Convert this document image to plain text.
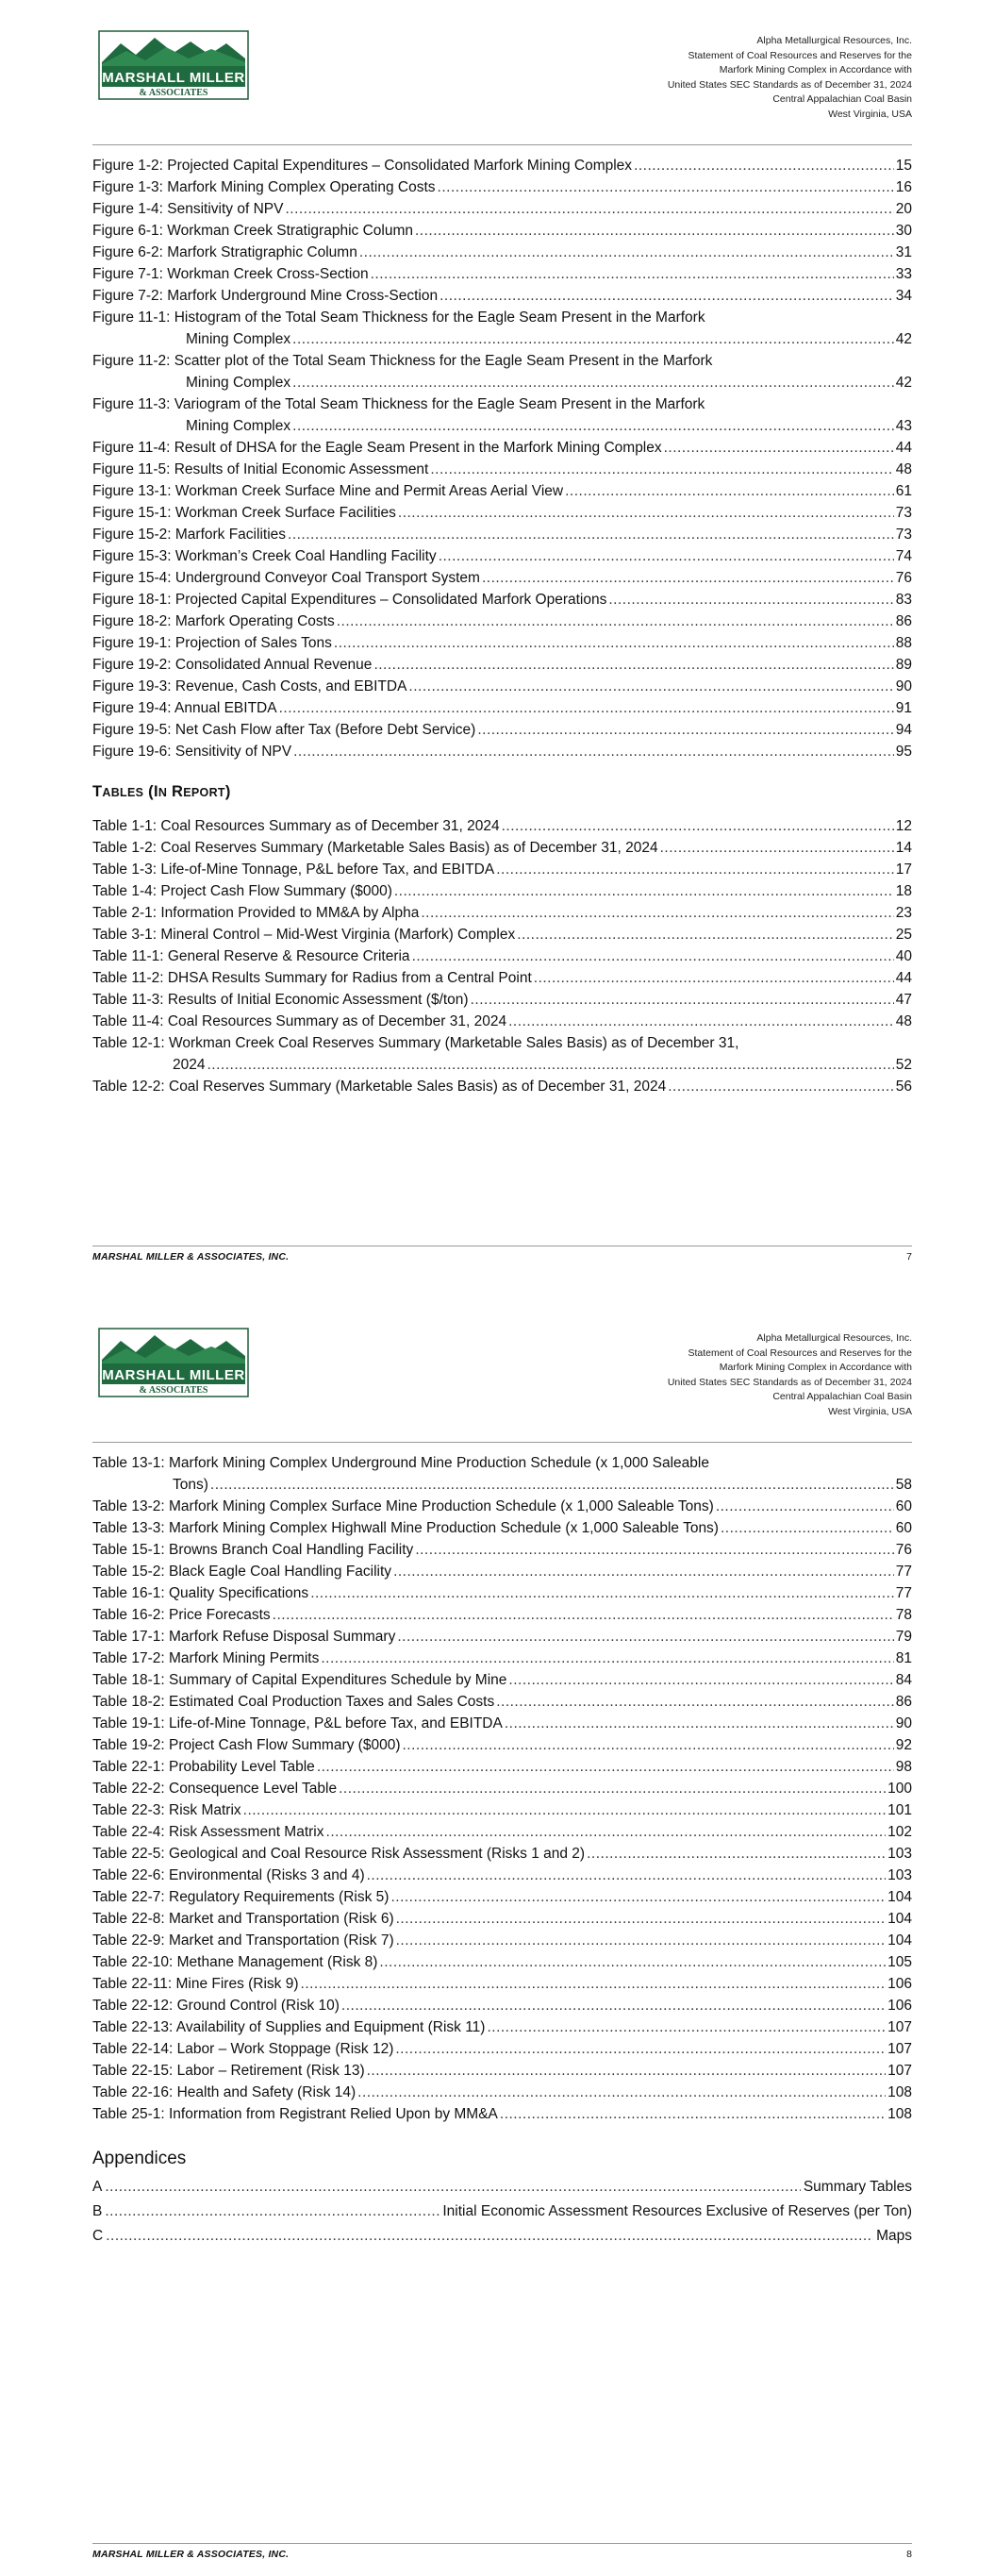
MARSHALL MILLER
& ASSOCIATES
Alpha Metallurgical Resources, Inc.
Statement of Coal Resources and Reserves for the
Marfork Mining Complex in Accordance with
United States SEC Standards as of December 31, 2024
Central Appalachian Coal Basin
West Virginia, USA
Figure 1-2: Projected Capital Expenditures – Consolidated Marfork Mining Complex .....	15
Figure 1-3: Marfork Mining Complex Operating Costs .....	16
Figure 1-4: Sensitivity of NPV .....	20
Figure 6-1: Workman Creek Stratigraphic Column .....	30
Figure 6-2: Marfork Stratigraphic Column .....	31
Figure 7-1: Workman Creek Cross-Section .....	33
Figure 7-2: Marfork Underground Mine Cross-Section .....	34
Figure 11-1: Histogram of the Total Seam Thickness for the Eagle Seam Present in the Marfork
Mining Complex .....	42
Figure 11-2: Scatter plot of the Total Seam Thickness for the Eagle Seam Present in the Marfork
Mining Complex .....	42
Figure 11-3: Variogram of the Total Seam Thickness for the Eagle Seam Present in the Marfork
Mining Complex .....	43
Figure 11-4: Result of DHSA for the Eagle Seam Present in the Marfork Mining Complex .....	44
Figure 11-5: Results of Initial Economic Assessment .....	48
Figure 13-1: Workman Creek Surface Mine and Permit Areas Aerial View .....	61
Figure 15-1: Workman Creek Surface Facilities .....	73
Figure 15-2: Marfork Facilities .....	73
Figure 15-3: Workman’s Creek Coal Handling Facility .....	74
Figure 15-4: Underground Conveyor Coal Transport System .....	76
Figure 18-1: Projected Capital Expenditures – Consolidated Marfork Operations .....	83
Figure 18-2: Marfork Operating Costs .....	86
Figure 19-1: Projection of Sales Tons .....	88
Figure 19-2: Consolidated Annual Revenue .....	89
Figure 19-3: Revenue, Cash Costs, and EBITDA .....	90
Figure 19-4: Annual EBITDA .....	91
Figure 19-5: Net Cash Flow after Tax (Before Debt Service) .....	94
Figure 19-6: Sensitivity of NPV .....	95
TABLES (IN REPORT)
Table 1-1: Coal Resources Summary as of December 31, 2024 .....	12
Table 1-2: Coal Reserves Summary (Marketable Sales Basis) as of December 31, 2024 .....	14
Table 1-3: Life-of-Mine Tonnage, P&L before Tax, and EBITDA .....	17
Table 1-4: Project Cash Flow Summary ($000) .....	18
Table 2-1: Information Provided to MM&A by Alpha .....	23
Table 3-1: Mineral Control – Mid-West Virginia (Marfork) Complex .....	25
Table 11-1: General Reserve & Resource Criteria .....	40
Table 11-2: DHSA Results Summary for Radius from a Central Point .....	44
Table 11-3: Results of Initial Economic Assessment ($/ton) .....	47
Table 11-4: Coal Resources Summary as of December 31, 2024 .....	48
Table 12-1: Workman Creek Coal Reserves Summary (Marketable Sales Basis) as of December 31,
2024 .....	52
Table 12-2: Coal Reserves Summary (Marketable Sales Basis) as of December 31, 2024 .....	56
MARSHAL MILLER & ASSOCIATES, INC.	7
MARSHALL MILLER
& ASSOCIATES
Alpha Metallurgical Resources, Inc.
Statement of Coal Resources and Reserves for the
Marfork Mining Complex in Accordance with
United States SEC Standards as of December 31, 2024
Central Appalachian Coal Basin
West Virginia, USA
Table 13-1: Marfork Mining Complex Underground Mine Production Schedule (x 1,000 Saleable
Tons) .....	58
Table 13-2: Marfork Mining Complex Surface Mine Production Schedule (x 1,000 Saleable Tons) .....	60
Table 13-3: Marfork Mining Complex Highwall Mine Production Schedule (x 1,000 Saleable Tons) .....	60
Table 15-1: Browns Branch Coal Handling Facility .....	76
Table 15-2: Black Eagle Coal Handling Facility .....	77
Table 16-1: Quality Specifications .....	77
Table 16-2: Price Forecasts .....	78
Table 17-1: Marfork Refuse Disposal Summary .....	79
Table 17-2: Marfork Mining Permits .....	81
Table 18-1: Summary of Capital Expenditures Schedule by Mine .....	84
Table 18-2: Estimated Coal Production Taxes and Sales Costs .....	86
Table 19-1: Life-of-Mine Tonnage, P&L before Tax, and EBITDA .....	90
Table 19-2: Project Cash Flow Summary ($000) .....	92
Table 22-1: Probability Level Table .....	98
Table 22-2: Consequence Level Table .....	100
Table 22-3: Risk Matrix .....	101
Table 22-4: Risk Assessment Matrix .....	102
Table 22-5: Geological and Coal Resource Risk Assessment (Risks 1 and 2) .....	103
Table 22-6: Environmental (Risks 3 and 4) .....	103
Table 22-7: Regulatory Requirements (Risk 5) .....	104
Table 22-8: Market and Transportation (Risk 6) .....	104
Table 22-9: Market and Transportation (Risk 7) .....	104
Table 22-10: Methane Management (Risk 8) .....	105
Table 22-11: Mine Fires (Risk 9) .....	106
Table 22-12: Ground Control (Risk 10) .....	106
Table 22-13: Availability of Supplies and Equipment (Risk 11) .....	107
Table 22-14: Labor – Work Stoppage (Risk 12) .....	107
Table 22-15: Labor – Retirement (Risk 13) .....	107
Table 22-16: Health and Safety (Risk 14) .....	108
Table 25-1: Information from Registrant Relied Upon by MM&A .....	108
Appendices
A .....	Summary Tables
B .....	Initial Economic Assessment Resources Exclusive of Reserves (per Ton)
C .....	Maps
MARSHAL MILLER & ASSOCIATES, INC.	8
